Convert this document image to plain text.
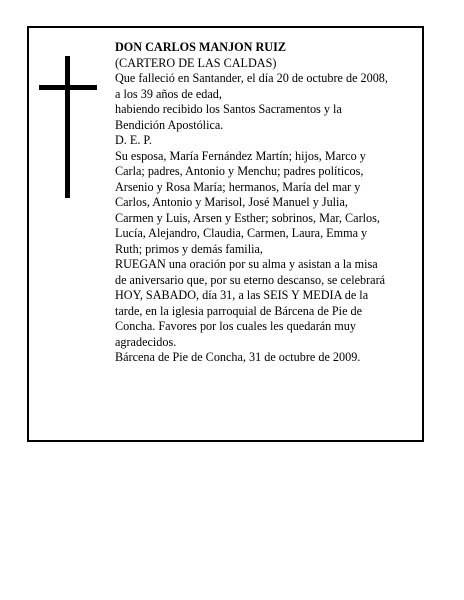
DON CARLOS MANJON RUIZ

(CARTERO DE LAS CALDAS)

Que falleció en Santander, el día 20 de octubre de 2008,

a los 39 años de edad,

habiendo recibido los Santos Sacramentos y la

Bendición Apostólica.

D. E. P.

Su esposa, María Fernández Martín; hijos, Marco y

Carla; padres, Antonio y Menchu; padres políticos,

Arsenio y Rosa María; hermanos, María del mar y

Carlos, Antonio y Marisol, José Manuel y Julia,

Carmen y Luis, Arsen y Esther; sobrinos, Mar, Carlos,

Lucía, Alejandro, Claudia, Carmen, Laura, Emma y

Ruth; primos y demás familia,

RUEGAN una oración por su alma y asistan a la misa

de aniversario que, por su eterno descanso, se celebrará

HOY, SABADO, día 31, a las SEIS Y MEDIA de la

tarde, en la iglesia parroquial de Bárcena de Pie de

Concha. Favores por los cuales les quedarán muy

agradecidos.

Bárcena de Pie de Concha, 31 de octubre de 2009.
